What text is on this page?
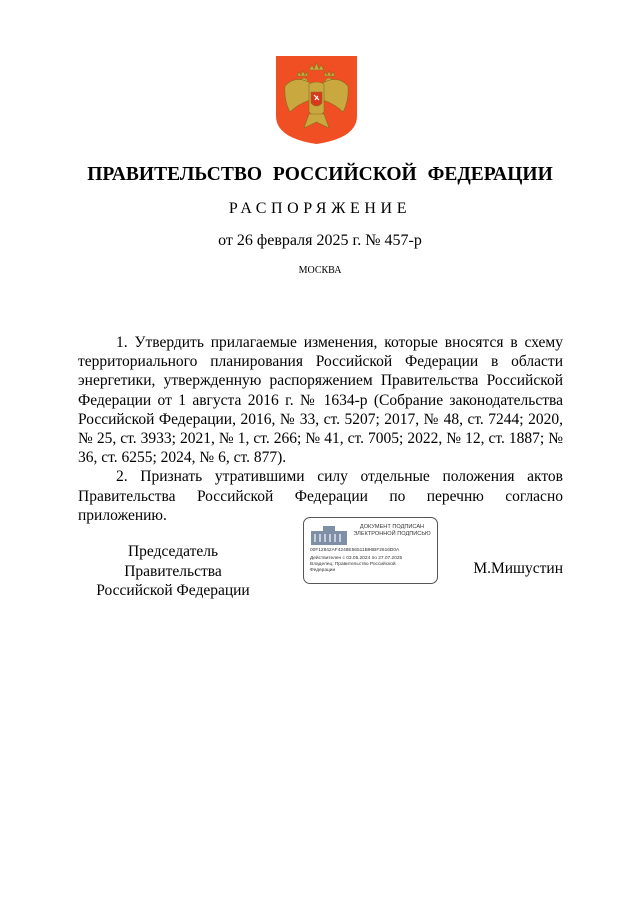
ПРАВИТЕЛЬСТВО РОССИЙСКОЙ ФЕДЕРАЦИИ
РАСПОРЯЖЕНИЕ
от 26 февраля 2025 г. № 457-р
МОСКВА

1. Утвердить прилагаемые изменения, которые вносятся в схему территориального планирования Российской Федерации в области энергетики, утвержденную распоряжением Правительства Российской Федерации от 1 августа 2016 г. № 1634-р (Собрание законодательства Российской Федерации, 2016, № 33, ст. 5207; 2017, № 48, ст. 7244; 2020, № 25, ст. 3933; 2021, № 1, ст. 266; № 41, ст. 7005; 2022, № 12, ст. 1887; № 36, ст. 6255; 2024, № 6, ст. 877).

2. Признать утратившими силу отдельные положения актов Правительства Российской Федерации по перечню согласно приложению.

Председатель Правительства
Российской Федерации
ДОКУМЕНТ ПОДПИСАН
ЭЛЕКТРОННОЙ ПОДПИСЬЮ
00F12842AF4248E56511B96BF2616D0A
Действителен с 03.05.2024 по 27.07.2025
Владелец: Правительство Российской
Федерации	М.Мишустин
